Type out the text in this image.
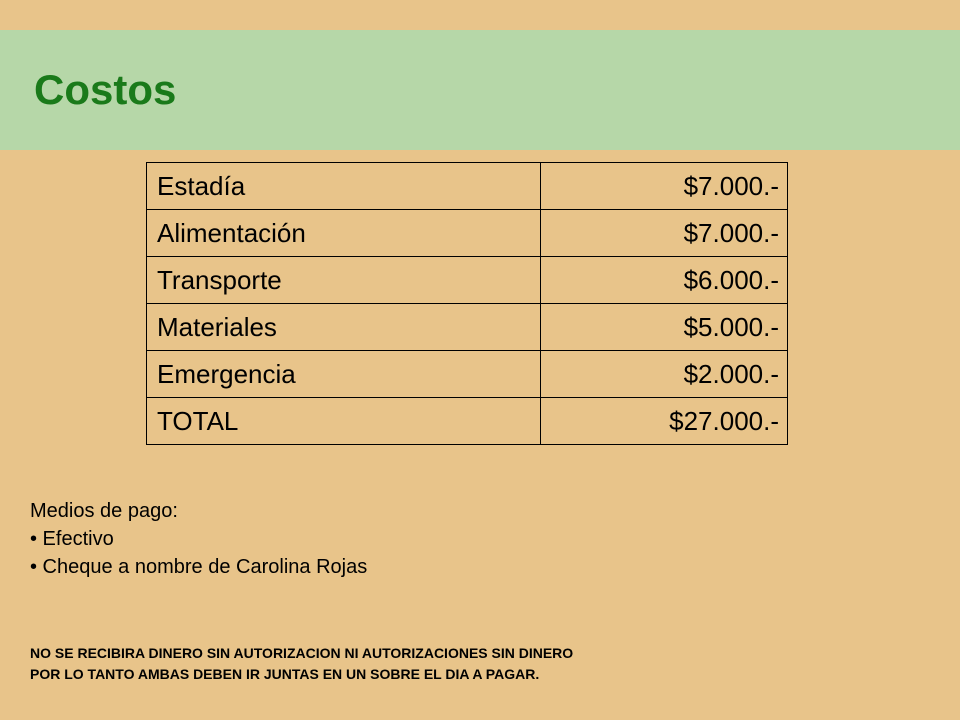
Costos
Estadía	$7.000.-
Alimentación	$7.000.-
Transporte	$6.000.-
Materiales	$5.000.-
Emergencia	$2.000.-
TOTAL	$27.000.-
Medios de pago:
• Efectivo
• Cheque a nombre de Carolina Rojas
NO SE RECIBIRA DINERO SIN AUTORIZACION NI AUTORIZACIONES SIN DINERO
POR LO TANTO AMBAS DEBEN IR JUNTAS EN UN SOBRE EL DIA A PAGAR.
